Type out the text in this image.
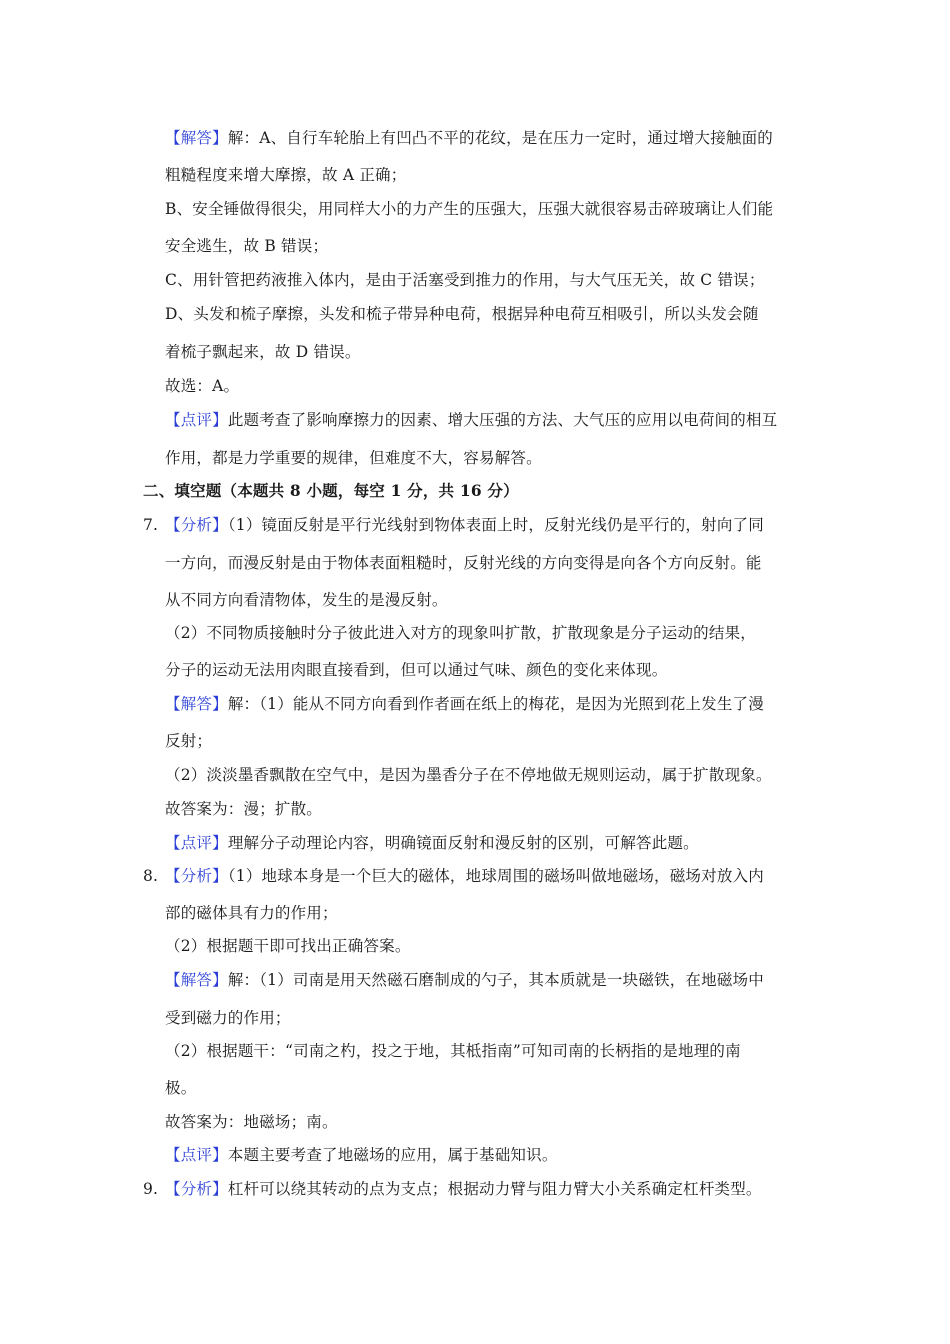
【解答】解：A、自行车轮胎上有凹凸不平的花纹，是在压力一定时，通过增大接触面的
粗糙程度来增大摩擦，故 A 正确；
B、安全锤做得很尖，用同样大小的力产生的压强大，压强大就很容易击碎玻璃让人们能
安全逃生，故 B 错误；
C、用针管把药液推入体内，是由于活塞受到推力的作用，与大气压无关，故 C 错误；
D、头发和梳子摩擦，头发和梳子带异种电荷，根据异种电荷互相吸引，所以头发会随
着梳子飘起来，故 D 错误。
故选：A。
【点评】此题考查了影响摩擦力的因素、增大压强的方法、大气压的应用以电荷间的相互
作用，都是力学重要的规律，但难度不大，容易解答。
二、填空题（本题共 8 小题，每空 1 分，共 16 分）
7. 【分析】（1）镜面反射是平行光线射到物体表面上时，反射光线仍是平行的，射向了同
一方向，而漫反射是由于物体表面粗糙时，反射光线的方向变得是向各个方向反射。能
从不同方向看清物体，发生的是漫反射。
（2）不同物质接触时分子彼此进入对方的现象叫扩散，扩散现象是分子运动的结果，
分子的运动无法用肉眼直接看到，但可以通过气味、颜色的变化来体现。
【解答】解：（1）能从不同方向看到作者画在纸上的梅花，是因为光照到花上发生了漫
反射；
（2）淡淡墨香飘散在空气中，是因为墨香分子在不停地做无规则运动，属于扩散现象。
故答案为：漫；扩散。
【点评】理解分子动理论内容，明确镜面反射和漫反射的区别，可解答此题。
8. 【分析】（1）地球本身是一个巨大的磁体，地球周围的磁场叫做地磁场，磁场对放入内
部的磁体具有力的作用；
（2）根据题干即可找出正确答案。
【解答】解：（1）司南是用天然磁石磨制成的勺子，其本质就是一块磁铁，在地磁场中
受到磁力的作用；
（2）根据题干：“司南之杓，投之于地，其柢指南”可知司南的长柄指的是地理的南
极。
故答案为：地磁场；南。
【点评】本题主要考查了地磁场的应用，属于基础知识。
9. 【分析】杠杆可以绕其转动的点为支点；根据动力臂与阻力臂大小关系确定杠杆类型。
